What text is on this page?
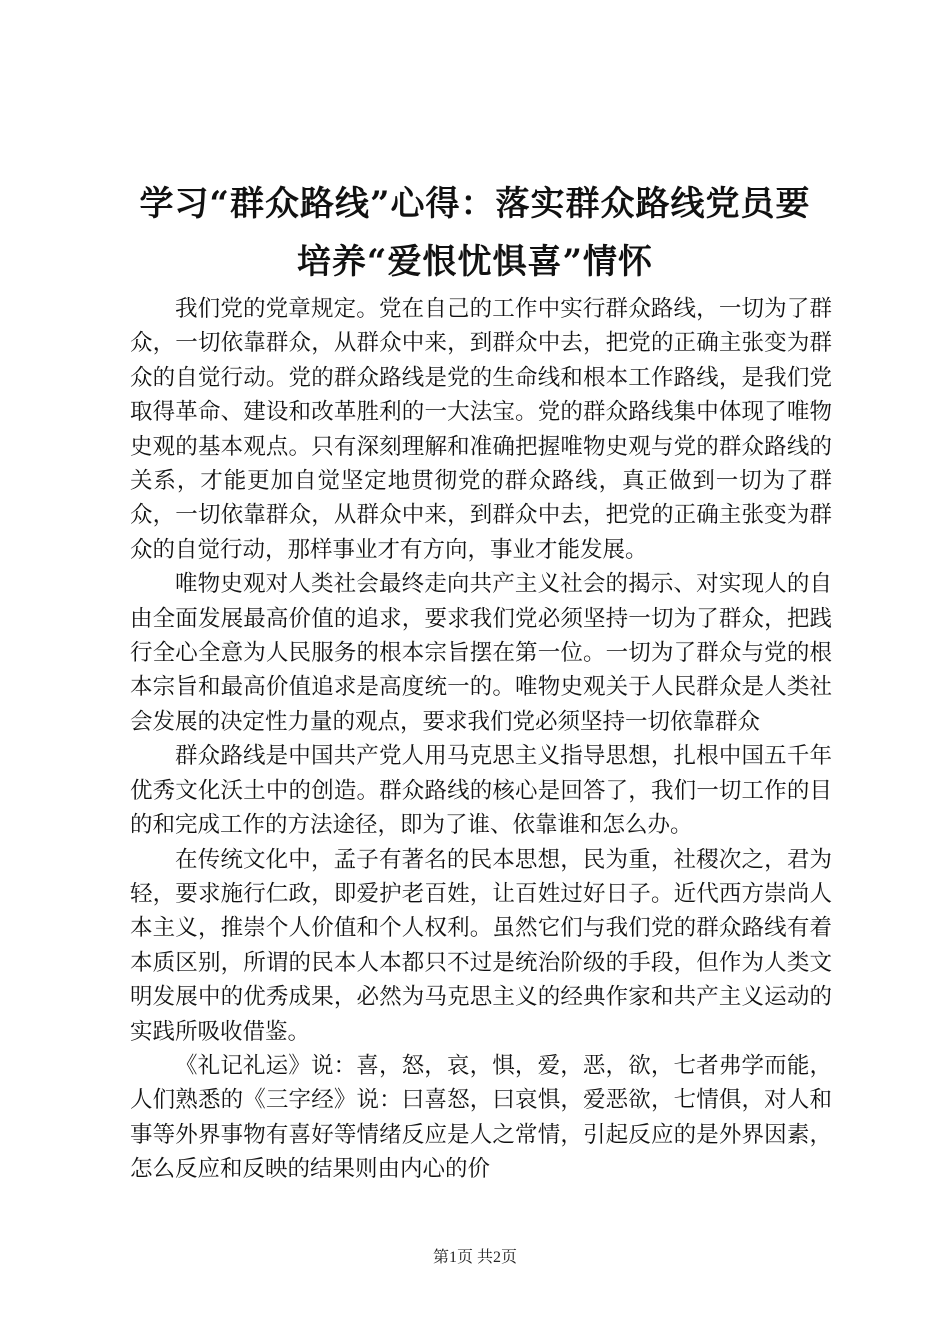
学习“群众路线”心得：落实群众路线党员要
培养“爱恨忧惧喜”情怀

我们党的党章规定。党在自己的工作中实行群众路线，一切为了群众，一切依靠群众，从群众中来，到群众中去，把党的正确主张变为群众的自觉行动。党的群众路线是党的生命线和根本工作路线，是我们党取得革命、建设和改革胜利的一大法宝。党的群众路线集中体现了唯物史观的基本观点。只有深刻理解和准确把握唯物史观与党的群众路线的关系，才能更加自觉坚定地贯彻党的群众路线，真正做到一切为了群众，一切依靠群众，从群众中来，到群众中去，把党的正确主张变为群众的自觉行动，那样事业才有方向，事业才能发展。

唯物史观对人类社会最终走向共产主义社会的揭示、对实现人的自由全面发展最高价值的追求，要求我们党必须坚持一切为了群众，把践行全心全意为人民服务的根本宗旨摆在第一位。一切为了群众与党的根本宗旨和最高价值追求是高度统一的。唯物史观关于人民群众是人类社会发展的决定性力量的观点，要求我们党必须坚持一切依靠群众

群众路线是中国共产党人用马克思主义指导思想，扎根中国五千年优秀文化沃土中的创造。群众路线的核心是回答了，我们一切工作的目的和完成工作的方法途径，即为了谁、依靠谁和怎么办。

在传统文化中，孟子有著名的民本思想，民为重，社稷次之，君为轻，要求施行仁政，即爱护老百姓，让百姓过好日子。近代西方崇尚人本主义，推崇个人价值和个人权利。虽然它们与我们党的群众路线有着本质区别，所谓的民本人本都只不过是统治阶级的手段，但作为人类文明发展中的优秀成果，必然为马克思主义的经典作家和共产主义运动的实践所吸收借鉴。

《礼记礼运》说：喜，怒，哀，惧，爱，恶，欲，七者弗学而能，人们熟悉的《三字经》说：曰喜怒，曰哀惧，爱恶欲，七情俱，对人和事等外界事物有喜好等情绪反应是人之常情，引起反应的是外界因素，怎么反应和反映的结果则由内心的价

第1页 共2页
